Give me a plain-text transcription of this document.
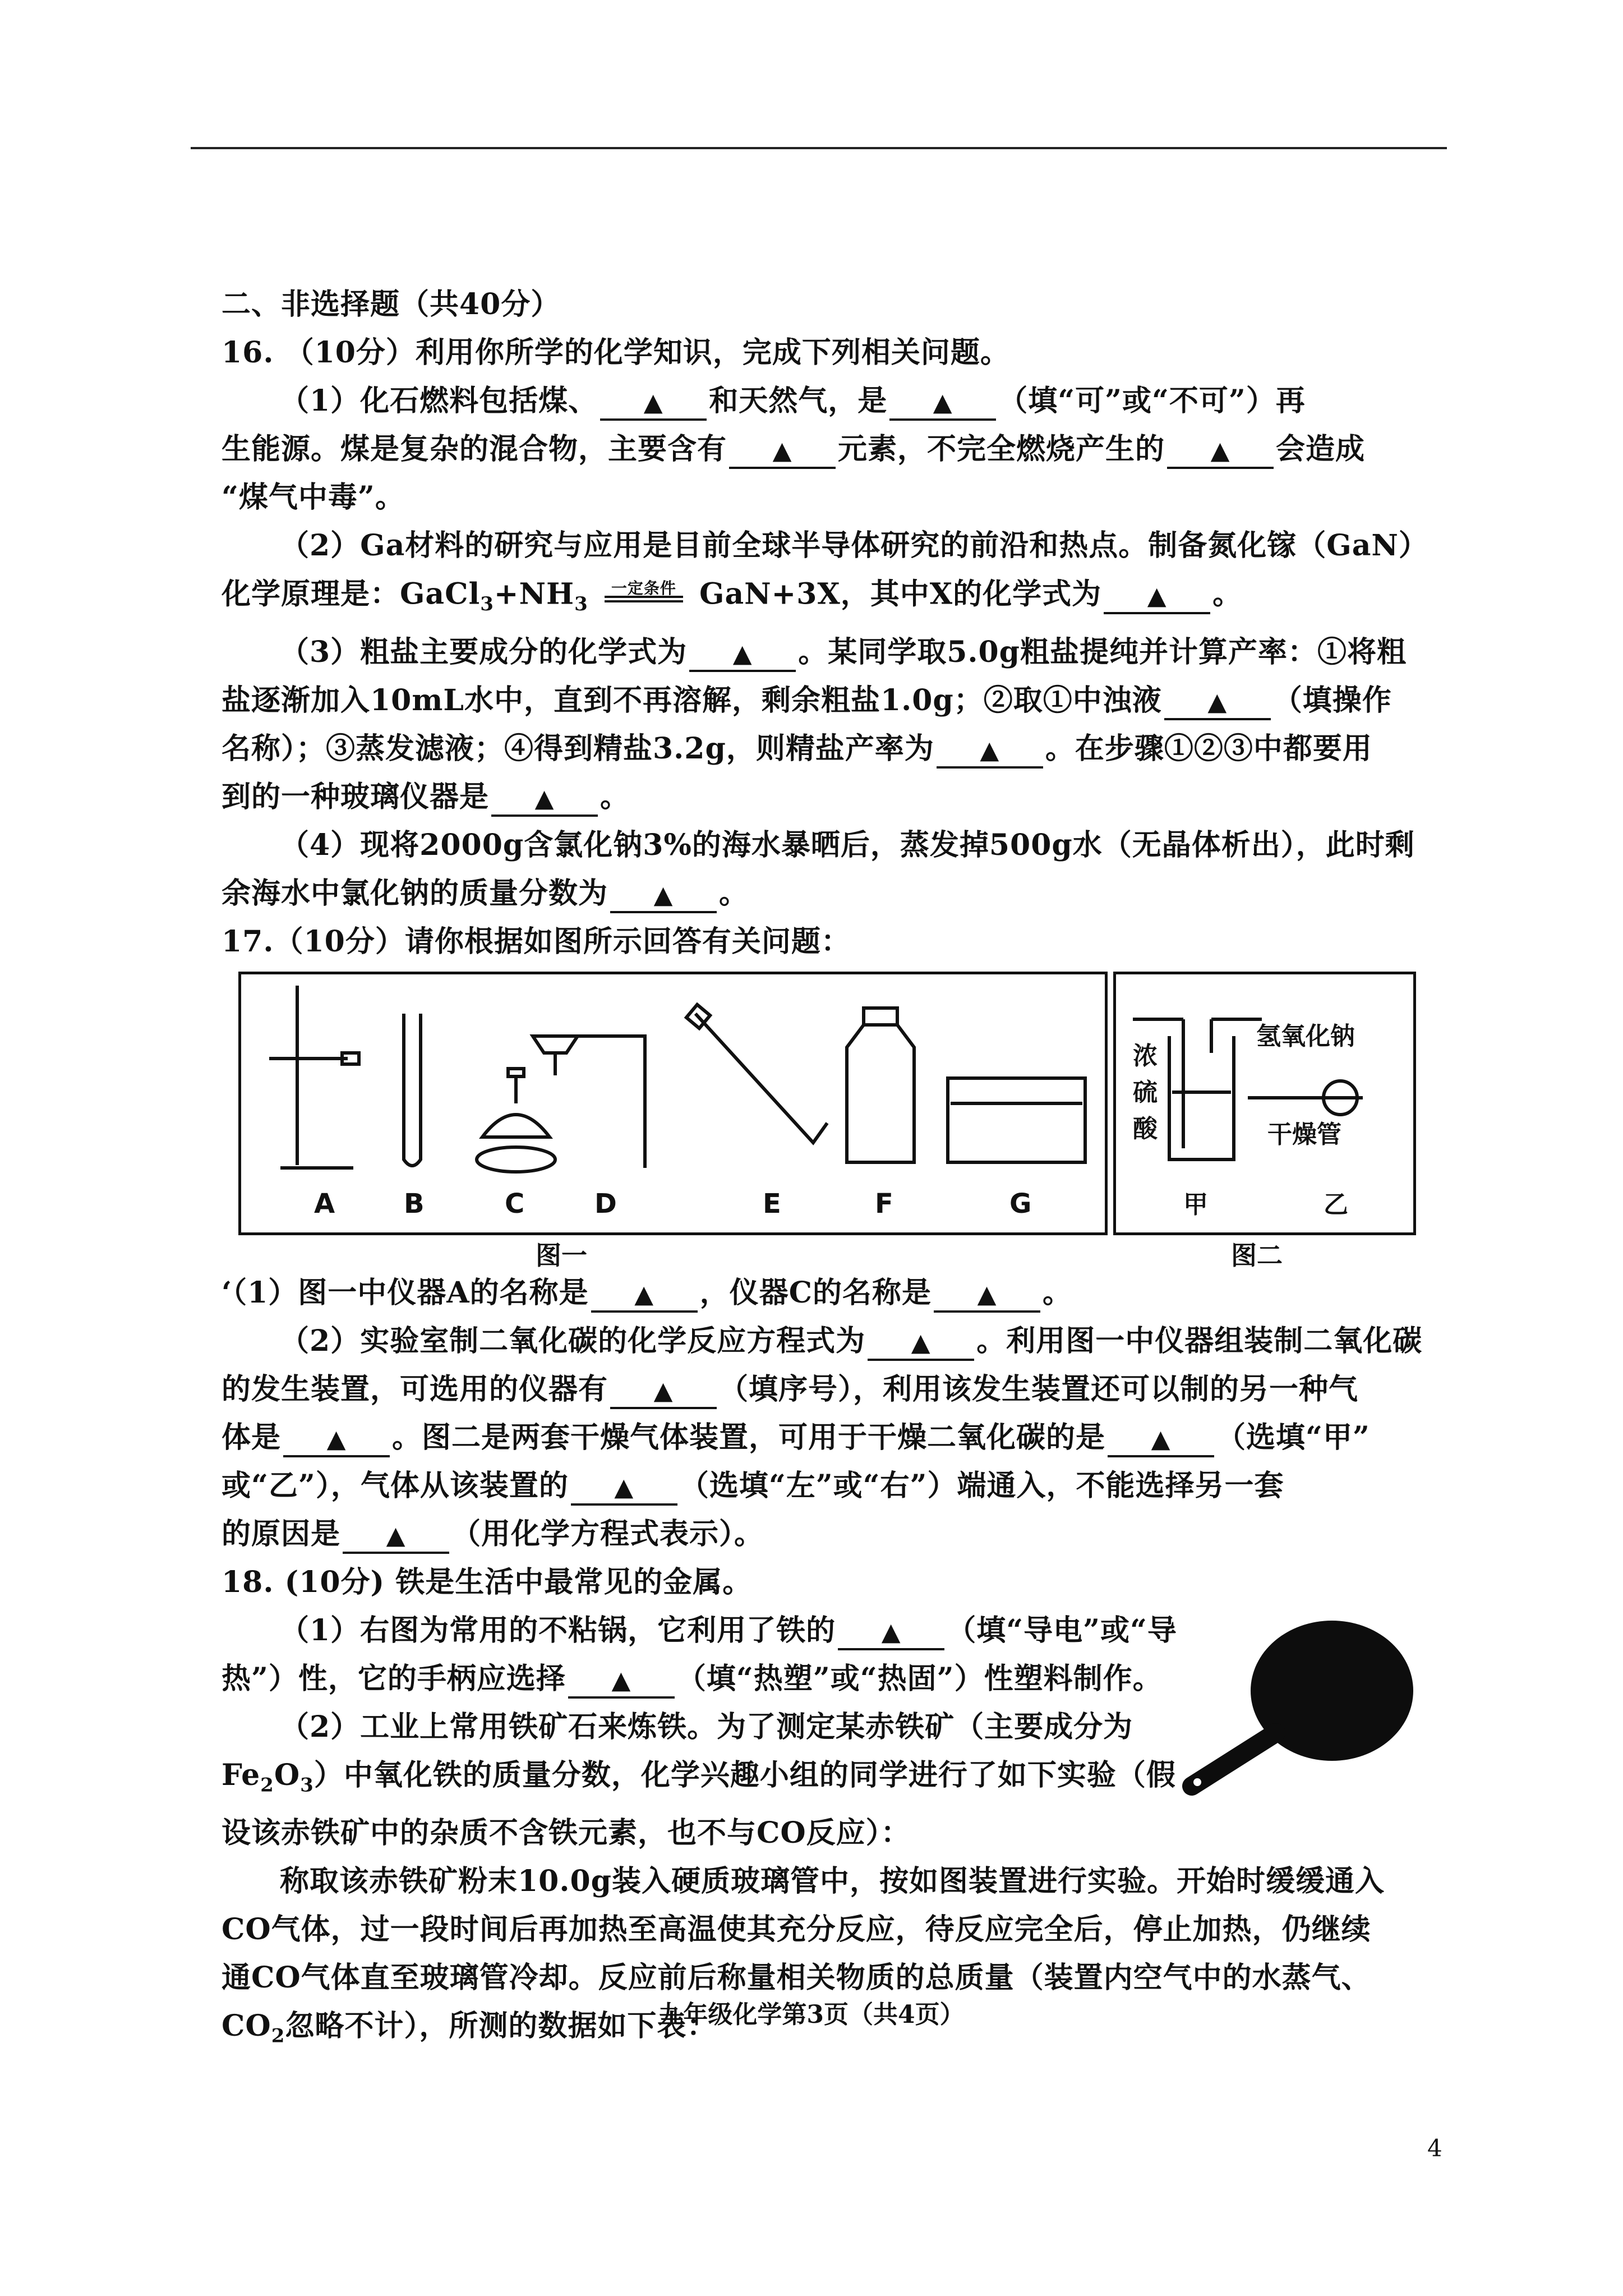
二、非选择题（共40分）
16. （10分）利用你所学的化学知识，完成下列相关问题。
（1）化石燃料包括煤、 ▲ 和天然气，是 ▲ （填“可”或“不可”）再
生能源。煤是复杂的混合物，主要含有 ▲ 元素，不完全燃烧产生的 ▲ 会造成
“煤气中毒”。
（2）Ga材料的研究与应用是目前全球半导体研究的前沿和热点。制备氮化镓（GaN）
化学原理是：$GaCl_3+NH_3$ $^{一定条件}$ GaN+3X，其中X的化学式为 ▲ 。
（3）粗盐主要成分的化学式为 ▲ 。某同学取5.0g粗盐提纯并计算产率：①将粗
盐逐渐加入10mL水中，直到不再溶解，剩余粗盐1.0g；②取①中浊液 ▲ （填操作
名称）；③蒸发滤液；④得到精盐3.2g，则精盐产率为 ▲ 。在步骤①②③中都要用
到的一种玻璃仪器是 ▲ 。
（4）现将2000g含氯化钠3%的海水暴晒后，蒸发掉500g水（无晶体析出），此时剩
余海水中氯化钠的质量分数为 ▲ 。
17.（10分）请你根据如图所示回答有关问题：
A	B	C	D	E	F	G
浓
硫
酸
氢氧化钠
干燥管
甲	乙
图一	图二
‘（1）图一中仪器A的名称是 ▲ ，仪器C的名称是 ▲ 。
（2）实验室制二氧化碳的化学反应方程式为 ▲ 。利用图一中仪器组装制二氧化碳
的发生装置，可选用的仪器有 ▲ （填序号），利用该发生装置还可以制的另一种气
体是 ▲ 。图二是两套干燥气体装置，可用于干燥二氧化碳的是 ▲ （选填“甲”
或“乙”），气体从该装置的 ▲ （选填“左”或“右”）端通入，不能选择另一套
的原因是 ▲ （用化学方程式表示）。
18. (10分) 铁是生活中最常见的金属。
（1）右图为常用的不粘锅，它利用了铁的 ▲ （填“导电”或“导
热”）性，它的手柄应选择 ▲ （填“热塑”或“热固”）性塑料制作。
（2）工业上常用铁矿石来炼铁。为了测定某赤铁矿（主要成分为
$Fe_2O_3$）中氧化铁的质量分数，化学兴趣小组的同学进行了如下实验（假
设该赤铁矿中的杂质不含铁元素，也不与CO反应）：
称取该赤铁矿粉末10.0g装入硬质玻璃管中，按如图装置进行实验。开始时缓缓通入
CO气体，过一段时间后再加热至高温使其充分反应，待反应完全后，停止加热，仍继续
通CO气体直至玻璃管冷却。反应前后称量相关物质的总质量（装置内空气中的水蒸气、
$CO_2$忽略不计），所测的数据如下表：
九年级化学第3页（共4页）
4
